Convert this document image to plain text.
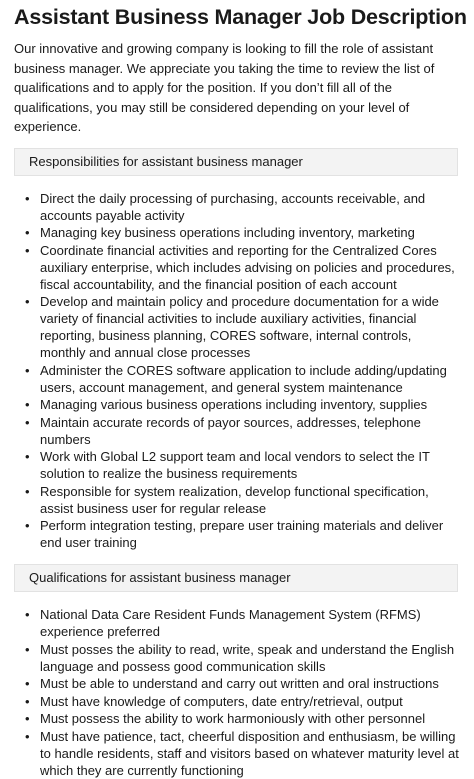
Assistant Business Manager Job Description

Our innovative and growing company is looking to fill the role of assistant business manager. We appreciate you taking the time to review the list of qualifications and to apply for the position. If you don’t fill all of the qualifications, you may still be considered depending on your level of experience.

Responsibilities for assistant business manager
• Direct the daily processing of purchasing, accounts receivable, and accounts payable activity
• Managing key business operations including inventory, marketing
• Coordinate financial activities and reporting for the Centralized Cores auxiliary enterprise, which includes advising on policies and procedures, fiscal accountability, and the financial position of each account
• Develop and maintain policy and procedure documentation for a wide variety of financial activities to include auxiliary activities, financial reporting, business planning, CORES software, internal controls, monthly and annual close processes
• Administer the CORES software application to include adding/updating users, account management, and general system maintenance
• Managing various business operations including inventory, supplies
• Maintain accurate records of payor sources, addresses, telephone numbers
• Work with Global L2 support team and local vendors to select the IT solution to realize the business requirements
• Responsible for system realization, develop functional specification, assist business user for regular release
• Perform integration testing, prepare user training materials and deliver end user training
Qualifications for assistant business manager
• National Data Care Resident Funds Management System (RFMS) experience preferred
• Must posses the ability to read, write, speak and understand the English language and possess good communication skills
• Must be able to understand and carry out written and oral instructions
• Must have knowledge of computers, date entry/retrieval, output
• Must possess the ability to work harmoniously with other personnel
• Must have patience, tact, cheerful disposition and enthusiasm, be willing to handle residents, staff and visitors based on whatever maturity level at which they are currently functioning
